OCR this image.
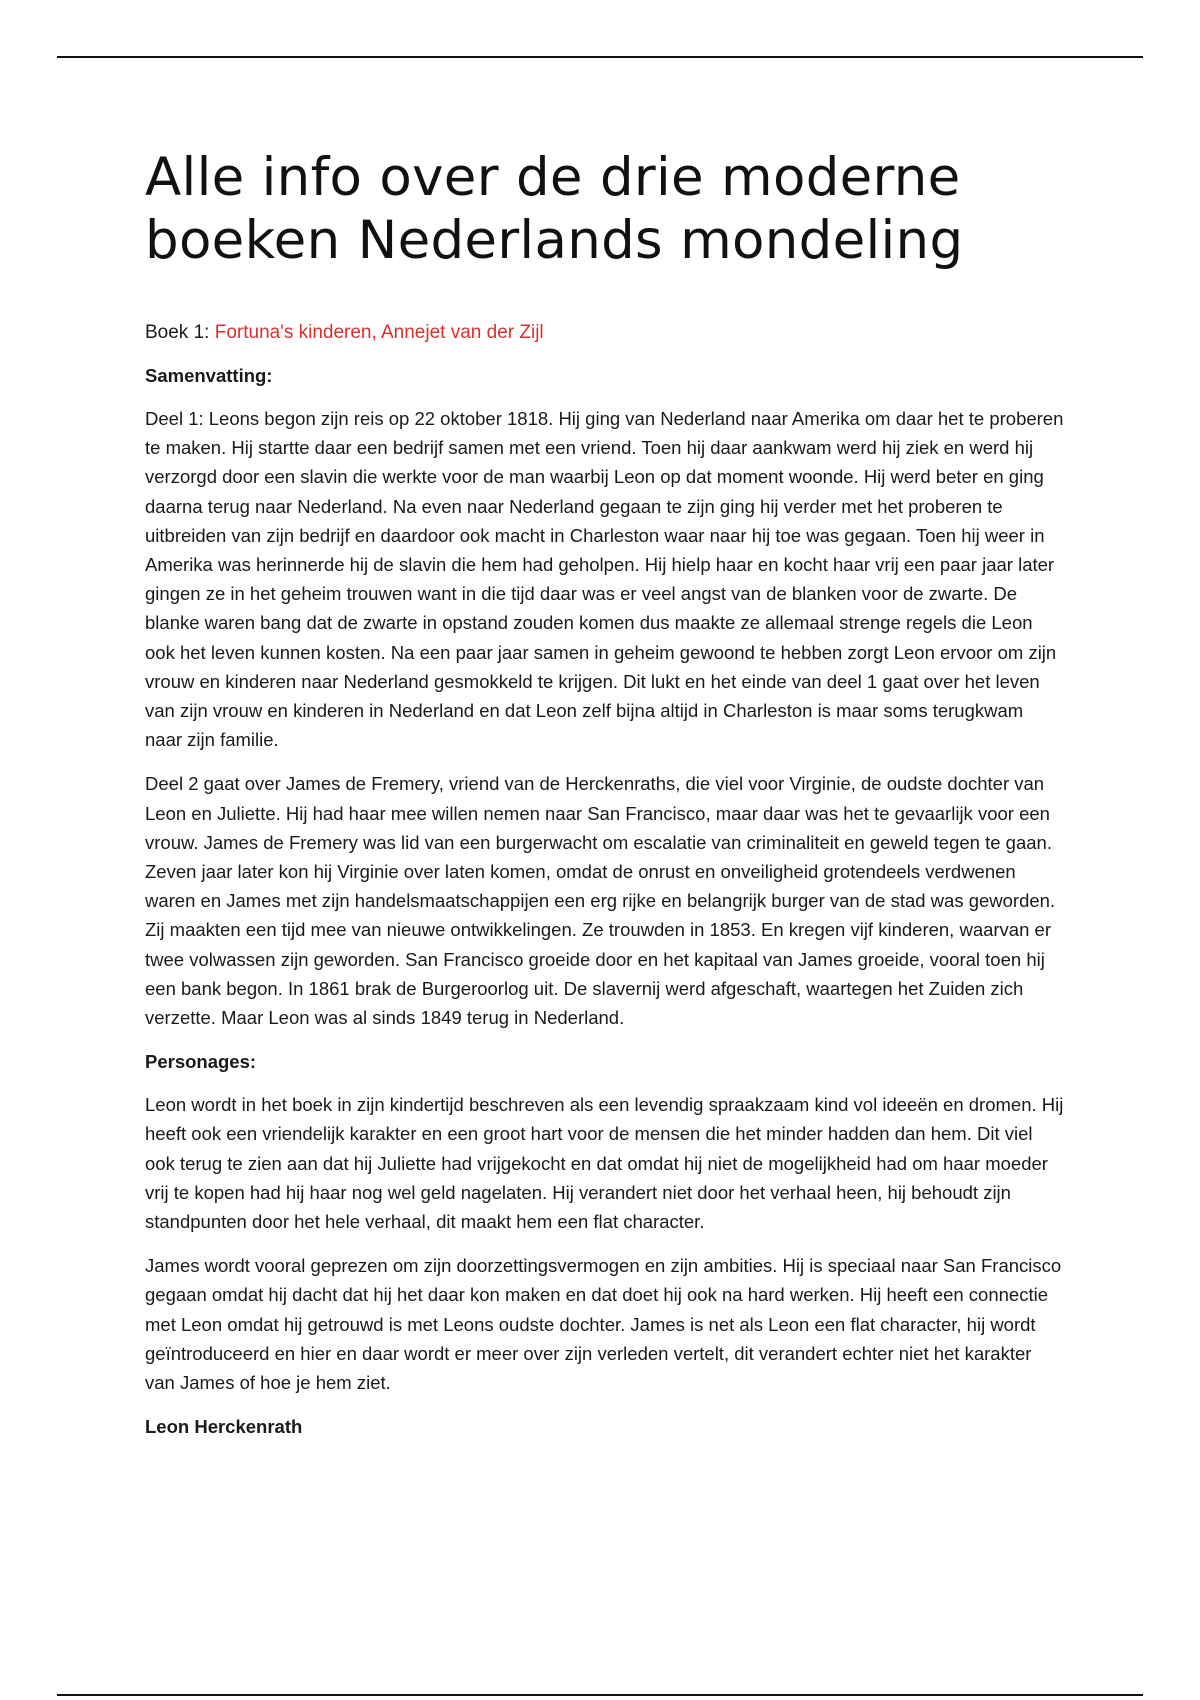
Alle info over de drie moderne boeken Nederlands mondeling

Boek 1: Fortuna's kinderen, Annejet van der Zijl

Samenvatting:

Deel 1: Leons begon zijn reis op 22 oktober 1818. Hij ging van Nederland naar Amerika om daar het te proberen te maken. Hij startte daar een bedrijf samen met een vriend. Toen hij daar aankwam werd hij ziek en werd hij verzorgd door een slavin die werkte voor de man waarbij Leon op dat moment woonde. Hij werd beter en ging daarna terug naar Nederland. Na even naar Nederland gegaan te zijn ging hij verder met het proberen te uitbreiden van zijn bedrijf en daardoor ook macht in Charleston waar naar hij toe was gegaan. Toen hij weer in Amerika was herinnerde hij de slavin die hem had geholpen. Hij hielp haar en kocht haar vrij een paar jaar later gingen ze in het geheim trouwen want in die tijd daar was er veel angst van de blanken voor de zwarte. De blanke waren bang dat de zwarte in opstand zouden komen dus maakte ze allemaal strenge regels die Leon ook het leven kunnen kosten. Na een paar jaar samen in geheim gewoond te hebben zorgt Leon ervoor om zijn vrouw en kinderen naar Nederland gesmokkeld te krijgen. Dit lukt en het einde van deel 1 gaat over het leven van zijn vrouw en kinderen in Nederland en dat Leon zelf bijna altijd in Charleston is maar soms terugkwam naar zijn familie.

Deel 2 gaat over James de Fremery, vriend van de Herckenraths, die viel voor Virginie, de oudste dochter van Leon en Juliette. Hij had haar mee willen nemen naar San Francisco, maar daar was het te gevaarlijk voor een vrouw. James de Fremery was lid van een burgerwacht om escalatie van criminaliteit en geweld tegen te gaan. Zeven jaar later kon hij Virginie over laten komen, omdat de onrust en onveiligheid grotendeels verdwenen waren en James met zijn handelsmaatschappijen een erg rijke en belangrijk burger van de stad was geworden. Zij maakten een tijd mee van nieuwe ontwikkelingen. Ze trouwden in 1853. En kregen vijf kinderen, waarvan er twee volwassen zijn geworden. San Francisco groeide door en het kapitaal van James groeide, vooral toen hij een bank begon. In 1861 brak de Burgeroorlog uit. De slavernij werd afgeschaft, waartegen het Zuiden zich verzette. Maar Leon was al sinds 1849 terug in Nederland.

Personages:

Leon wordt in het boek in zijn kindertijd beschreven als een levendig spraakzaam kind vol ideeën en dromen. Hij heeft ook een vriendelijk karakter en een groot hart voor de mensen die het minder hadden dan hem. Dit viel ook terug te zien aan dat hij Juliette had vrijgekocht en dat omdat hij niet de mogelijkheid had om haar moeder vrij te kopen had hij haar nog wel geld nagelaten. Hij verandert niet door het verhaal heen, hij behoudt zijn standpunten door het hele verhaal, dit maakt hem een flat character.

James wordt vooral geprezen om zijn doorzettingsvermogen en zijn ambities. Hij is speciaal naar San Francisco gegaan omdat hij dacht dat hij het daar kon maken en dat doet hij ook na hard werken. Hij heeft een connectie met Leon omdat hij getrouwd is met Leons oudste dochter. James is net als Leon een flat character, hij wordt geïntroduceerd en hier en daar wordt er meer over zijn verleden vertelt, dit verandert echter niet het karakter van James of hoe je hem ziet.

Leon Herckenrath
